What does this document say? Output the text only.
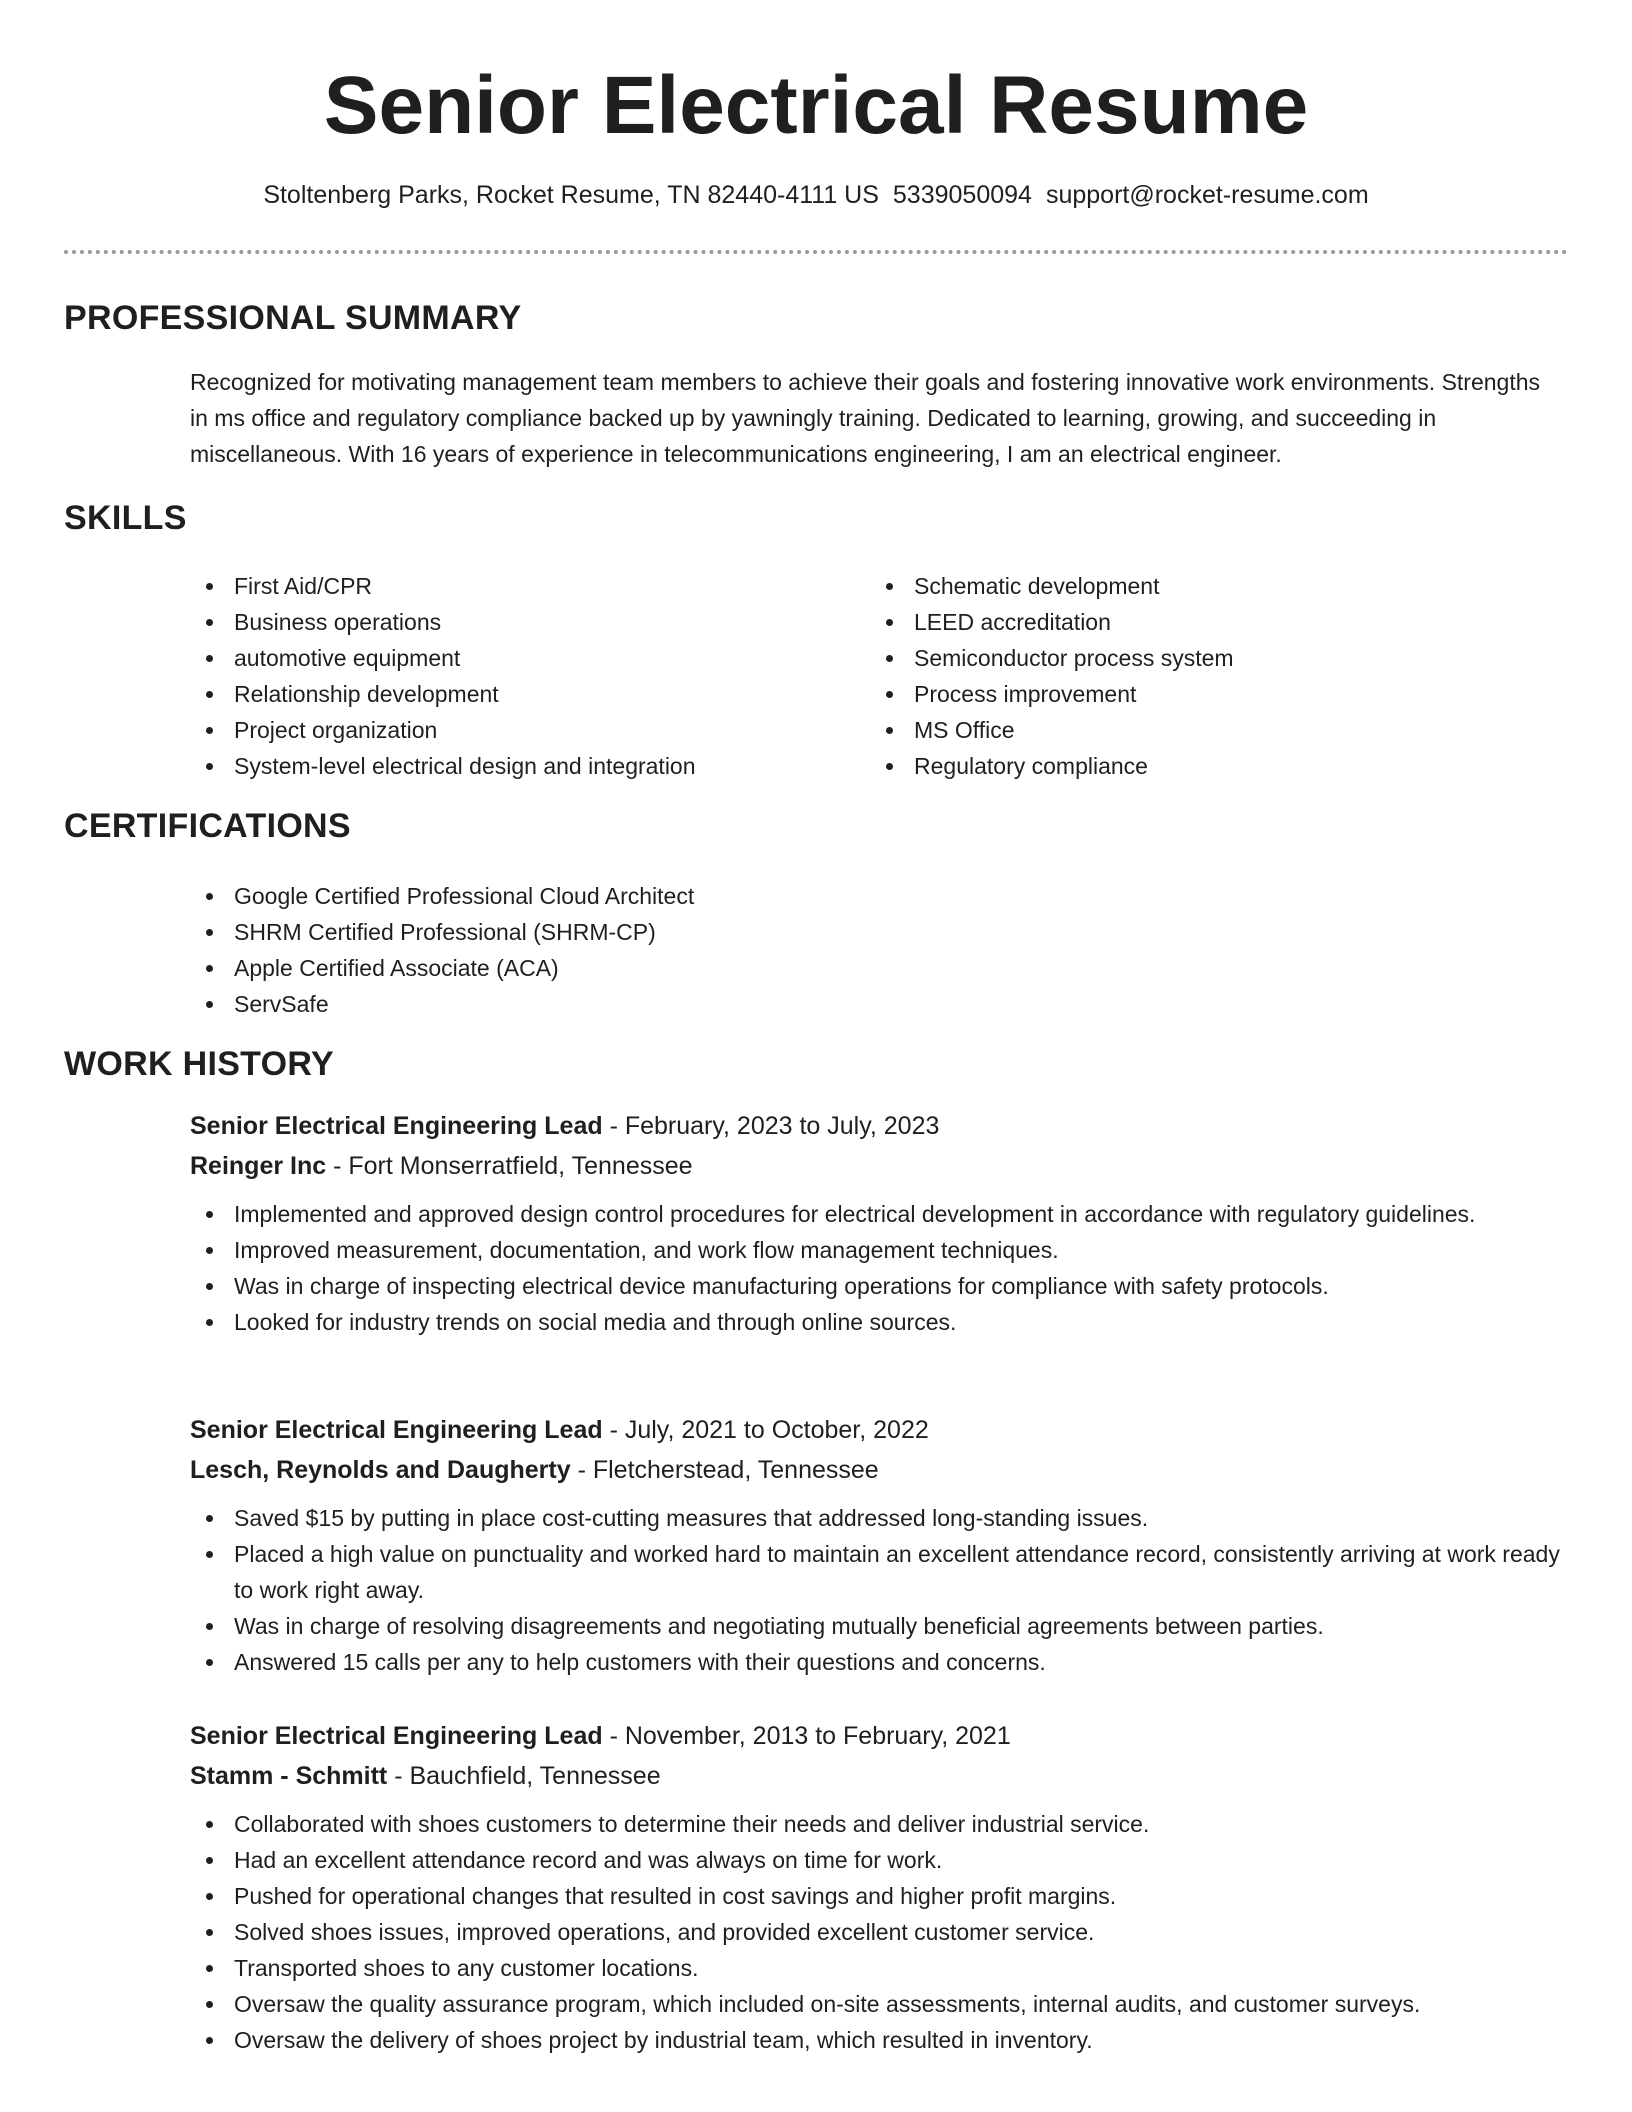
Senior Electrical Resume
Stoltenberg Parks, Rocket Resume, TN 82440-4111 US 5339050094 support@rocket-resume.com
PROFESSIONAL SUMMARY

Recognized for motivating management team members to achieve their goals and fostering innovative work environments. Strengths in ms office and regulatory compliance backed up by yawningly training. Dedicated to learning, growing, and succeeding in miscellaneous. With 16 years of experience in telecommunications engineering, I am an electrical engineer.

SKILLS
First Aid/CPR
Business operations
automotive equipment
Relationship development
Project organization
System-level electrical design and integration
Schematic development
LEED accreditation
Semiconductor process system
Process improvement
MS Office
Regulatory compliance
CERTIFICATIONS
Google Certified Professional Cloud Architect
SHRM Certified Professional (SHRM-CP)
Apple Certified Associate (ACA)
ServSafe
WORK HISTORY
Senior Electrical Engineering Lead - February, 2023 to July, 2023
Reinger Inc - Fort Monserratfield, Tennessee
Implemented and approved design control procedures for electrical development in accordance with regulatory guidelines.
Improved measurement, documentation, and work flow management techniques.
Was in charge of inspecting electrical device manufacturing operations for compliance with safety protocols.
Looked for industry trends on social media and through online sources.
Senior Electrical Engineering Lead - July, 2021 to October, 2022
Lesch, Reynolds and Daugherty - Fletcherstead, Tennessee
Saved $15 by putting in place cost-cutting measures that addressed long-standing issues.
Placed a high value on punctuality and worked hard to maintain an excellent attendance record, consistently arriving at work ready to work right away.
Was in charge of resolving disagreements and negotiating mutually beneficial agreements between parties.
Answered 15 calls per any to help customers with their questions and concerns.
Senior Electrical Engineering Lead - November, 2013 to February, 2021
Stamm - Schmitt - Bauchfield, Tennessee
Collaborated with shoes customers to determine their needs and deliver industrial service.
Had an excellent attendance record and was always on time for work.
Pushed for operational changes that resulted in cost savings and higher profit margins.
Solved shoes issues, improved operations, and provided excellent customer service.
Transported shoes to any customer locations.
Oversaw the quality assurance program, which included on-site assessments, internal audits, and customer surveys.
Oversaw the delivery of shoes project by industrial team, which resulted in inventory.
